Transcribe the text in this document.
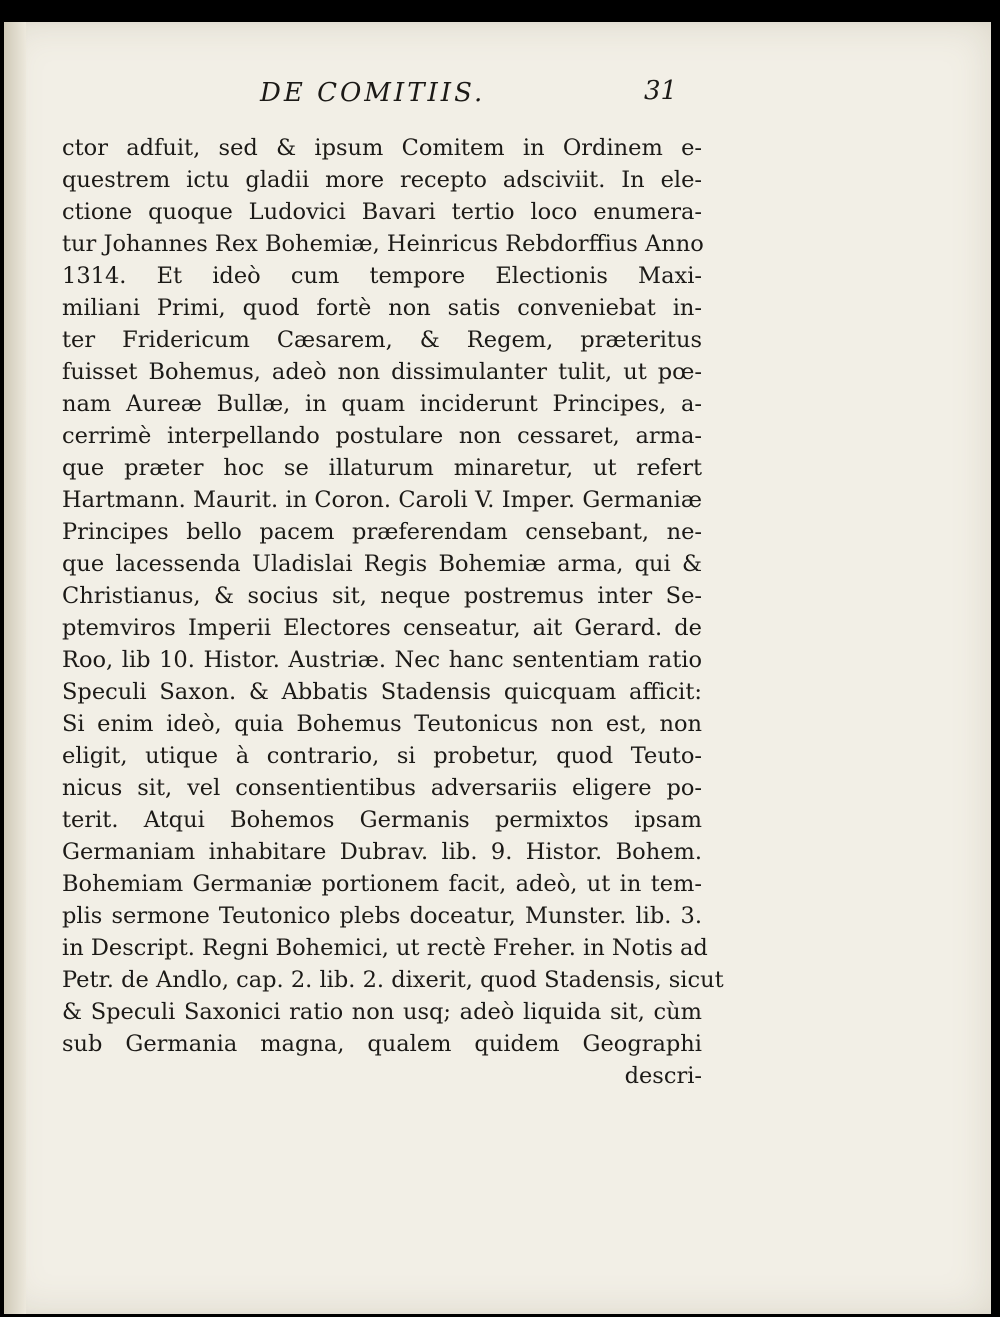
DE COMITIIS.	31
ctor adfuit, sed & ipsum Comitem in Ordinem e-
questrem ictu gladii more recepto adsciviit. In ele-
ctione quoque Ludovici Bavari tertio loco enumera-
tur Johannes Rex Bohemiæ, Heinricus Rebdorffius Anno
1314. Et ideò cum tempore Electionis Maxi-
miliani Primi, quod fortè non satis conveniebat in-
ter Fridericum Cæsarem, & Regem, præteritus
fuisset Bohemus, adeò non dissimulanter tulit, ut pœ-
nam Aureæ Bullæ, in quam inciderunt Principes, a-
cerrimè interpellando postulare non cessaret, arma-
que præter hoc se illaturum minaretur, ut refert
Hartmann. Maurit. in Coron. Caroli V. Imper. Germaniæ
Principes bello pacem præferendam censebant, ne-
que lacessenda Uladislai Regis Bohemiæ arma, qui &
Christianus, & socius sit, neque postremus inter Se-
ptemviros Imperii Electores censeatur, ait Gerard. de
Roo, lib 10. Histor. Austriæ. Nec hanc sententiam ratio
Speculi Saxon. & Abbatis Stadensis quicquam afficit:
Si enim ideò, quia Bohemus Teutonicus non est, non
eligit, utique à contrario, si probetur, quod Teuto-
nicus sit, vel consentientibus adversariis eligere po-
terit. Atqui Bohemos Germanis permixtos ipsam
Germaniam inhabitare Dubrav. lib. 9. Histor. Bohem.
Bohemiam Germaniæ portionem facit, adeò, ut in tem-
plis sermone Teutonico plebs doceatur, Munster. lib. 3.
in Descript. Regni Bohemici, ut rectè Freher. in Notis ad
Petr. de Andlo, cap. 2. lib. 2. dixerit, quod Stadensis, sicut
& Speculi Saxonici ratio non usq; adeò liquida sit, cùm
sub Germania magna, qualem quidem Geographi
descri-
